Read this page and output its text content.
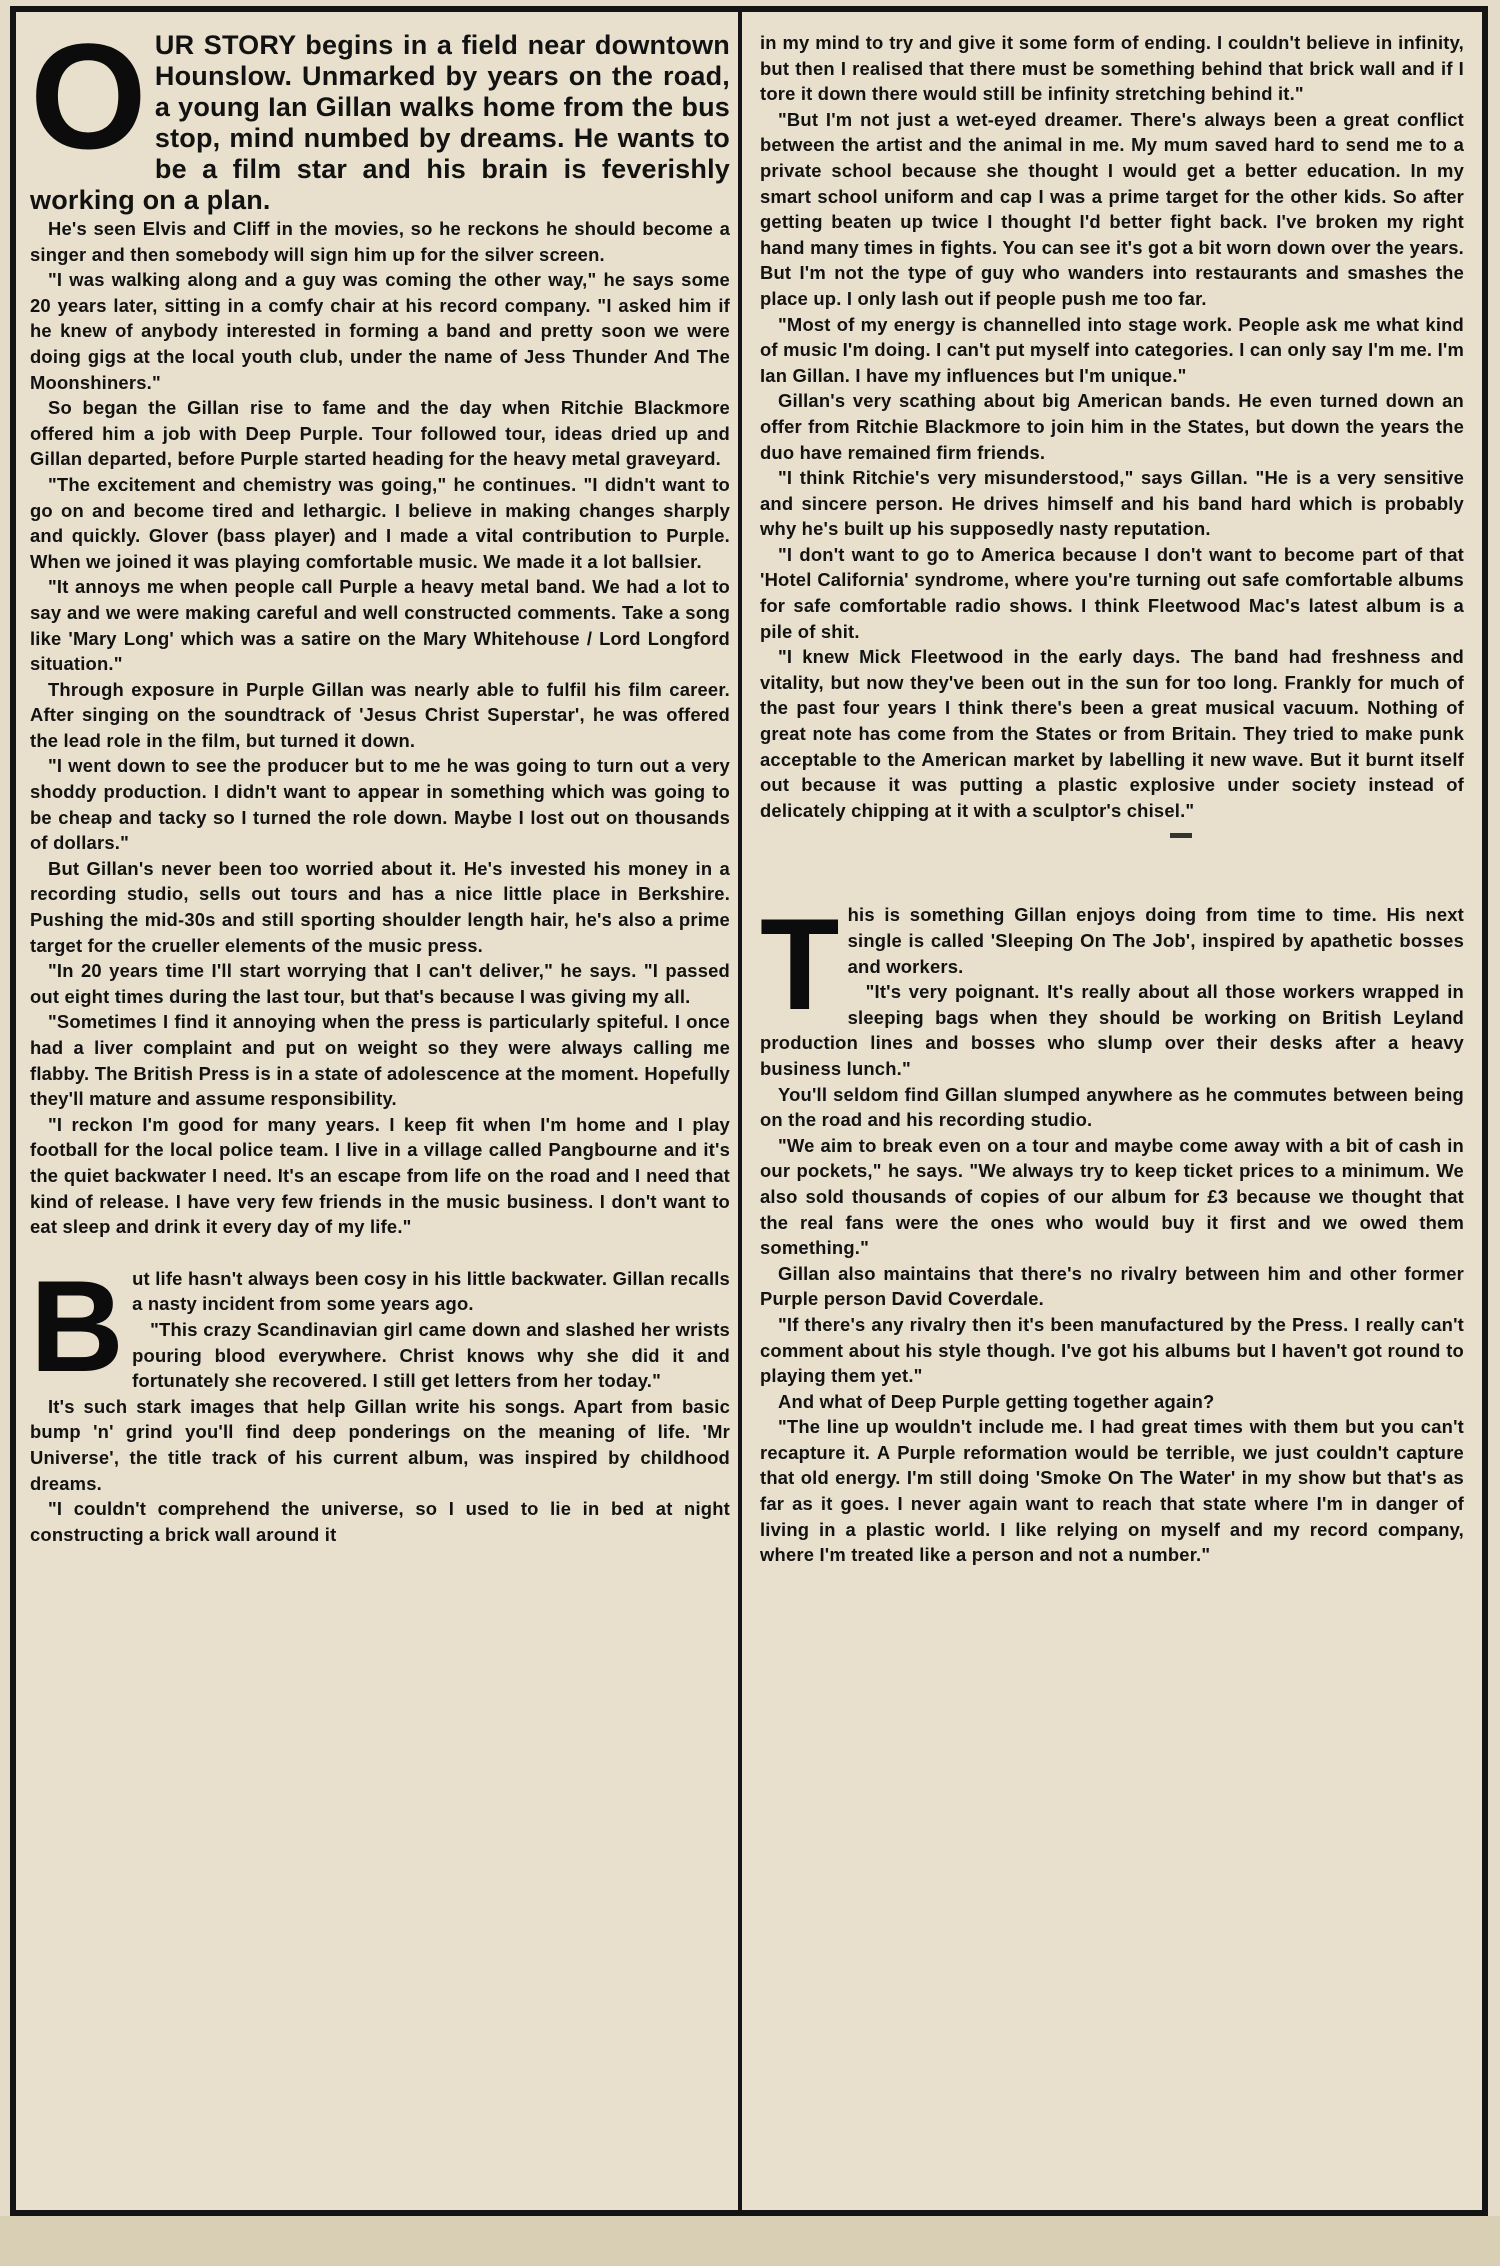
OUR STORY begins in a field near downtown Hounslow. Unmarked by years on the road, a young Ian Gillan walks home from the bus stop, mind numbed by dreams. He wants to be a film star and his brain is feverishly working on a plan.

He's seen Elvis and Cliff in the movies, so he reckons he should become a singer and then somebody will sign him up for the silver screen.

"I was walking along and a guy was coming the other way," he says some 20 years later, sitting in a comfy chair at his record company. "I asked him if he knew of anybody interested in forming a band and pretty soon we were doing gigs at the local youth club, under the name of Jess Thunder And The Moonshiners."

So began the Gillan rise to fame and the day when Ritchie Blackmore offered him a job with Deep Purple. Tour followed tour, ideas dried up and Gillan departed, before Purple started heading for the heavy metal graveyard.

"The excitement and chemistry was going," he continues. "I didn't want to go on and become tired and lethargic. I believe in making changes sharply and quickly. Glover (bass player) and I made a vital contribution to Purple. When we joined it was playing comfortable music. We made it a lot ballsier.

"It annoys me when people call Purple a heavy metal band. We had a lot to say and we were making careful and well constructed comments. Take a song like 'Mary Long' which was a satire on the Mary Whitehouse / Lord Longford situation."

Through exposure in Purple Gillan was nearly able to fulfil his film career. After singing on the soundtrack of 'Jesus Christ Superstar', he was offered the lead role in the film, but turned it down.

"I went down to see the producer but to me he was going to turn out a very shoddy production. I didn't want to appear in something which was going to be cheap and tacky so I turned the role down. Maybe I lost out on thousands of dollars."

But Gillan's never been too worried about it. He's invested his money in a recording studio, sells out tours and has a nice little place in Berkshire. Pushing the mid-30s and still sporting shoulder length hair, he's also a prime target for the crueller elements of the music press.

"In 20 years time I'll start worrying that I can't deliver," he says. "I passed out eight times during the last tour, but that's because I was giving my all.

"Sometimes I find it annoying when the press is particularly spiteful. I once had a liver complaint and put on weight so they were always calling me flabby. The British Press is in a state of adolescence at the moment. Hopefully they'll mature and assume responsibility.

"I reckon I'm good for many years. I keep fit when I'm home and I play football for the local police team. I live in a village called Pangbourne and it's the quiet backwater I need. It's an escape from life on the road and I need that kind of release. I have very few friends in the music business. I don't want to eat sleep and drink it every day of my life."

But life hasn't always been cosy in his little backwater. Gillan recalls a nasty incident from some years ago.

"This crazy Scandinavian girl came down and slashed her wrists pouring blood everywhere. Christ knows why she did it and fortunately she recovered. I still get letters from her today."

It's such stark images that help Gillan write his songs. Apart from basic bump 'n' grind you'll find deep ponderings on the meaning of life. 'Mr Universe', the title track of his current album, was inspired by childhood dreams.

"I couldn't comprehend the universe, so I used to lie in bed at night constructing a brick wall around it

in my mind to try and give it some form of ending. I couldn't believe in infinity, but then I realised that there must be something behind that brick wall and if I tore it down there would still be infinity stretching behind it."

"But I'm not just a wet-eyed dreamer. There's always been a great conflict between the artist and the animal in me. My mum saved hard to send me to a private school because she thought I would get a better education. In my smart school uniform and cap I was a prime target for the other kids. So after getting beaten up twice I thought I'd better fight back. I've broken my right hand many times in fights. You can see it's got a bit worn down over the years. But I'm not the type of guy who wanders into restaurants and smashes the place up. I only lash out if people push me too far.

"Most of my energy is channelled into stage work. People ask me what kind of music I'm doing. I can't put myself into categories. I can only say I'm me. I'm Ian Gillan. I have my influences but I'm unique."

Gillan's very scathing about big American bands. He even turned down an offer from Ritchie Blackmore to join him in the States, but down the years the duo have remained firm friends.

"I think Ritchie's very misunderstood," says Gillan. "He is a very sensitive and sincere person. He drives himself and his band hard which is probably why he's built up his supposedly nasty reputation.

"I don't want to go to America because I don't want to become part of that 'Hotel California' syndrome, where you're turning out safe comfortable albums for safe comfortable radio shows. I think Fleetwood Mac's latest album is a pile of shit.

"I knew Mick Fleetwood in the early days. The band had freshness and vitality, but now they've been out in the sun for too long. Frankly for much of the past four years I think there's been a great musical vacuum. Nothing of great note has come from the States or from Britain. They tried to make punk acceptable to the American market by labelling it new wave. But it burnt itself out because it was putting a plastic explosive under society instead of delicately chipping at it with a sculptor's chisel."

This is something Gillan enjoys doing from time to time. His next single is called 'Sleeping On The Job', inspired by apathetic bosses and workers.

"It's very poignant. It's really about all those workers wrapped in sleeping bags when they should be working on British Leyland production lines and bosses who slump over their desks after a heavy business lunch."

You'll seldom find Gillan slumped anywhere as he commutes between being on the road and his recording studio.

"We aim to break even on a tour and maybe come away with a bit of cash in our pockets," he says. "We always try to keep ticket prices to a minimum. We also sold thousands of copies of our album for £3 because we thought that the real fans were the ones who would buy it first and we owed them something."

Gillan also maintains that there's no rivalry between him and other former Purple person David Coverdale.

"If there's any rivalry then it's been manufactured by the Press. I really can't comment about his style though. I've got his albums but I haven't got round to playing them yet."

And what of Deep Purple getting together again?

"The line up wouldn't include me. I had great times with them but you can't recapture it. A Purple reformation would be terrible, we just couldn't capture that old energy. I'm still doing 'Smoke On The Water' in my show but that's as far as it goes. I never again want to reach that state where I'm in danger of living in a plastic world. I like relying on myself and my record company, where I'm treated like a person and not a number."
